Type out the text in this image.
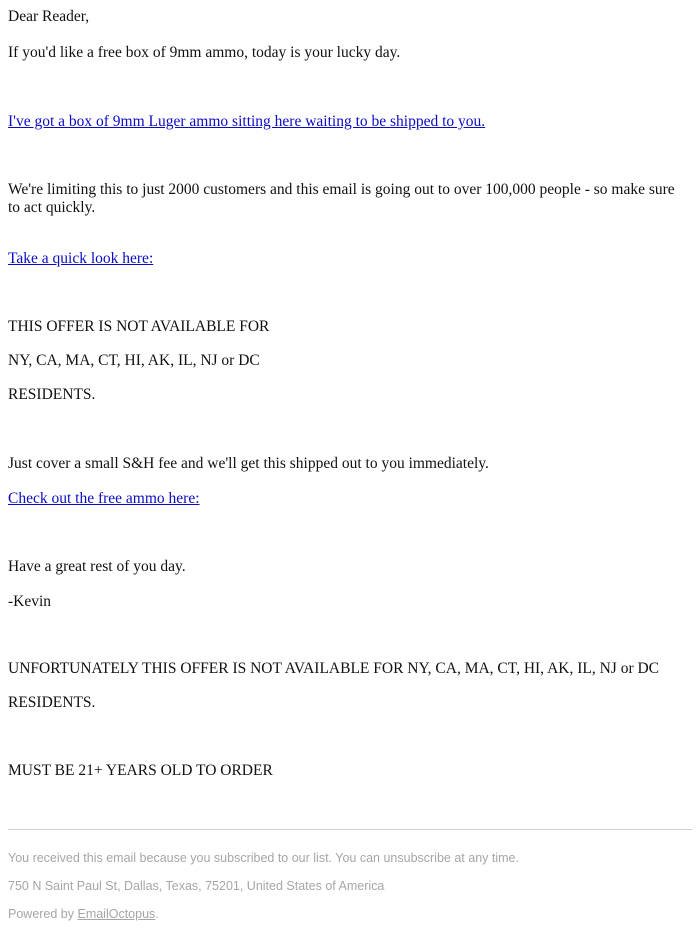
Dear Reader,
If you'd like a free box of 9mm ammo, today is your lucky day.
I've got a box of 9mm Luger ammo sitting here waiting to be shipped to you.
We're limiting this to just 2000 customers and this email is going out to over 100,000 people - so make sure to act quickly.
Take a quick look here:
THIS OFFER IS NOT AVAILABLE FOR
NY, CA, MA, CT, HI, AK, IL, NJ or DC
RESIDENTS.
Just cover a small S&H fee and we'll get this shipped out to you immediately.
Check out the free ammo here:
Have a great rest of you day.
-Kevin
UNFORTUNATELY THIS OFFER IS NOT AVAILABLE FOR NY, CA, MA, CT, HI, AK, IL, NJ or DC
RESIDENTS.
MUST BE 21+ YEARS OLD TO ORDER
You received this email because you subscribed to our list. You can unsubscribe at any time.
750 N Saint Paul St, Dallas, Texas, 75201, United States of America
Powered by EmailOctopus.
